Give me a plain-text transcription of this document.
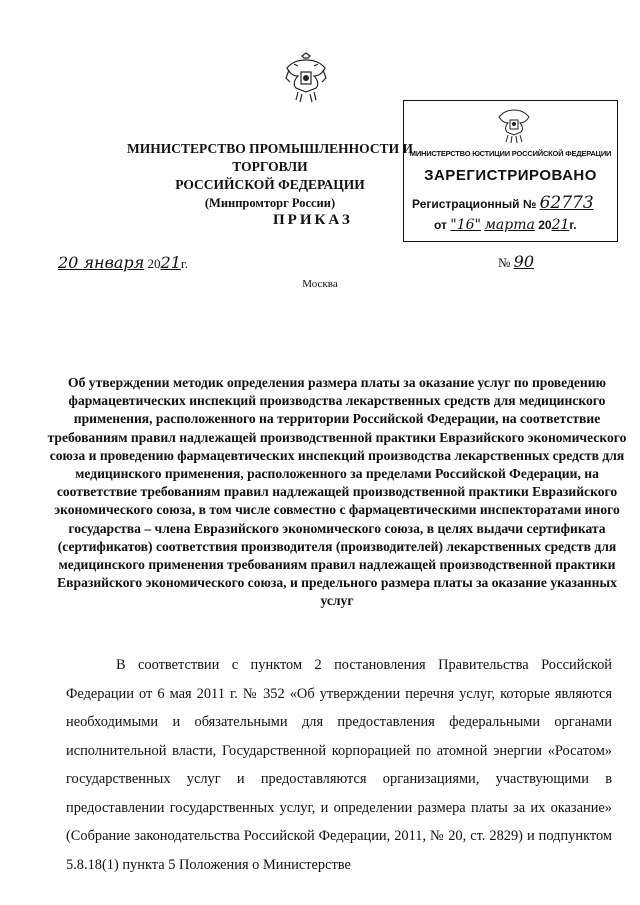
МИНИСТЕРСТВО ПРОМЫШЛЕННОСТИ И ТОРГОВЛИ
РОССИЙСКОЙ ФЕДЕРАЦИИ
(Минпромторг России)
МИНИСТЕРСТВО ЮСТИЦИИ РОССИЙСКОЙ ФЕДЕРАЦИИ
ЗАРЕГИСТРИРОВАНО
Регистрационный № 62773
от "16" марта 2021г.
ПРИКАЗ
20 января 2021г.	№ 90
Москва
Об утверждении методик определения размера платы за оказание услуг по проведению фармацевтических инспекций производства лекарственных средств для медицинского применения, расположенного на территории Российской Федерации, на соответствие требованиям правил надлежащей производственной практики Евразийского экономического союза и проведению фармацевтических инспекций производства лекарственных средств для медицинского применения, расположенного за пределами Российской Федерации, на соответствие требованиям правил надлежащей производственной практики Евразийского экономического союза, в том числе совместно с фармацевтическими инспекторатами иного государства – члена Евразийского экономического союза, в целях выдачи сертификата (сертификатов) соответствия производителя (производителей) лекарственных средств для медицинского применения требованиям правил надлежащей производственной практики Евразийского экономического союза, и предельного размера платы за оказание указанных услуг

В соответствии с пунктом 2 постановления Правительства Российской Федерации от 6 мая 2011 г. № 352 «Об утверждении перечня услуг, которые являются необходимыми и обязательными для предоставления федеральными органами исполнительной власти, Государственной корпорацией по атомной энергии «Росатом» государственных услуг и предоставляются организациями, участвующими в предоставлении государственных услуг, и определении размера платы за их оказание» (Собрание законодательства Российской Федерации, 2011, № 20, ст. 2829) и подпунктом 5.8.18(1) пункта 5 Положения о Министерстве
